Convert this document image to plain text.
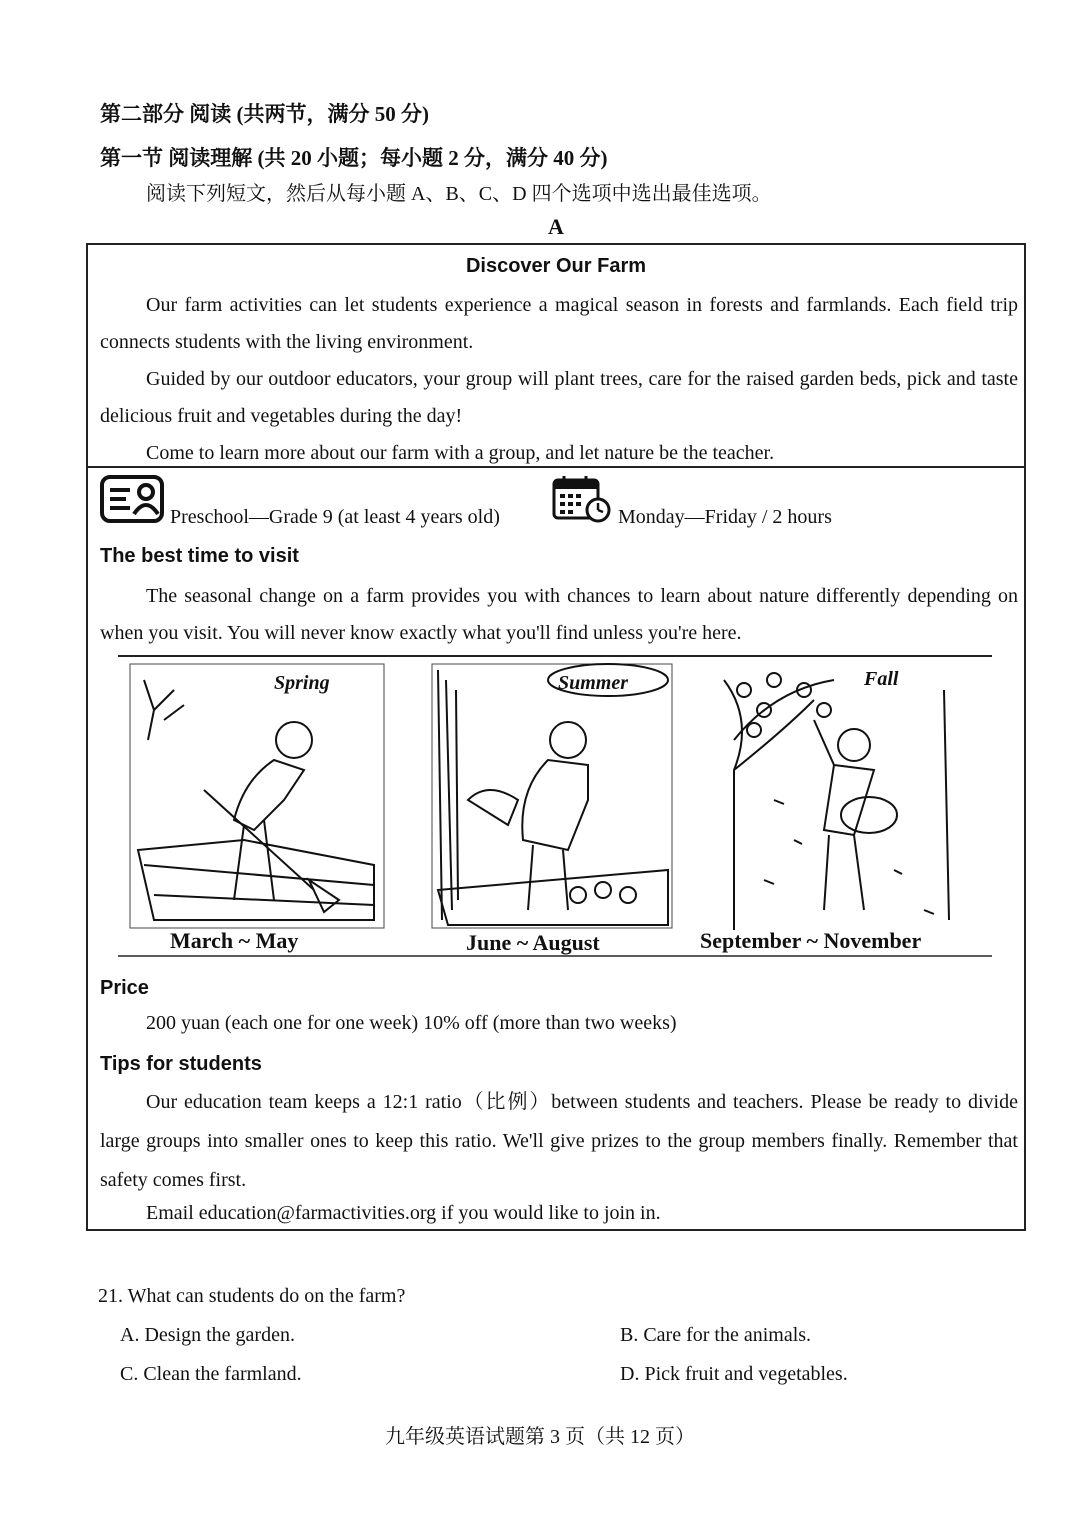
第二部分 阅读 (共两节，满分 50 分)
第一节 阅读理解 (共 20 小题；每小题 2 分，满分 40 分)
阅读下列短文，然后从每小题 A、B、C、D 四个选项中选出最佳选项。
A
Discover Our Farm
Our farm activities can let students experience a magical season in forests and farmlands. Each field trip connects students with the living environment.
Guided by our outdoor educators, your group will plant trees, care for the raised garden beds, pick and taste delicious fruit and vegetables during the day!
Come to learn more about our farm with a group, and let nature be the teacher.
Preschool—Grade 9 (at least 4 years old)	Monday—Friday / 2 hours
The best time to visit
The seasonal change on a farm provides you with chances to learn about nature differently depending on when you visit. You will never know exactly what you'll find unless you're here.
Spring
March ~ May
Summer
June ~ August
Fall
September ~ November
Price
200 yuan (each one for one week) 10% off (more than two weeks)
Tips for students
Our education team keeps a 12:1 ratio（比例）between students and teachers. Please be ready to divide large groups into smaller ones to keep this ratio. We'll give prizes to the group members finally. Remember that safety comes first.
Email education@farmactivities.org if you would like to join in.
21. What can students do on the farm?
A. Design the garden.	B. Care for the animals.
C. Clean the farmland.	D. Pick fruit and vegetables.
九年级英语试题第 3 页（共 12 页）
